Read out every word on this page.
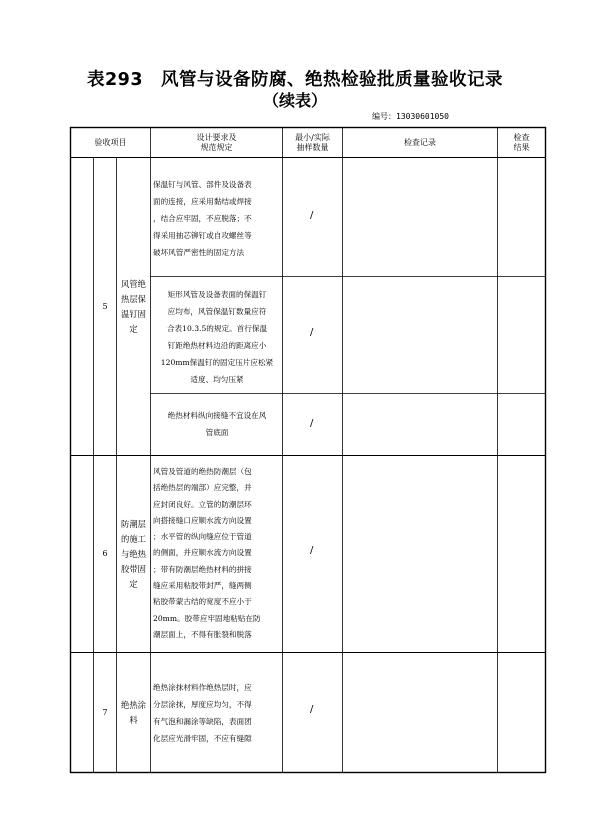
表293　风管与设备防腐、绝热检验批质量验收记录
（续表）
编号：13030601050
验收项目
设计要求及
规范规定
最小/实际
抽样数量
检查记录
检查
结果
5
风管绝
热层保
温钉固
定
保温钉与风管、部件及设备表
面的连接，应采用黏结或焊接
，结合应牢固，不应脱落；不
得采用抽芯铆钉或自攻螺丝等
破坏风管严密性的固定方法
/
矩形风管及设备表面的保温钉
应均布，风管保温钉数量应符
合表10.3.5的规定。首行保温
钉距绝热材料边沿的距离应小
120mm保温钉的固定压片应松紧
适度、均匀压紧
/
绝热材料纵向接缝不宜设在风
管底面
/
6
防潮层
的施工
与绝热
胶带固
定
风管及管道的绝热防潮层（包
括绝热层的端部）应完整，并
应封闭良好。立管的防潮层环
向搭接缝口应顺水流方向设置
；水平管的纵向缝应位于管道
的侧面，并应顺水流方向设置
；带有防潮层绝热材料的拼接
缝应采用粘胶带封严，缝两侧
粘胶带蒙古结的宽度不应小于
20mm。胶带应牢固地粘贴在防
潮层面上，不得有胀裂和脱落
/
7
绝热涂
料
绝热涂抹材料作绝热层时，应
分层涂抹，厚度应均匀，不得
有气泡和漏涂等缺陷，表面团
化层应光滑牢固，不应有缝隙
/
